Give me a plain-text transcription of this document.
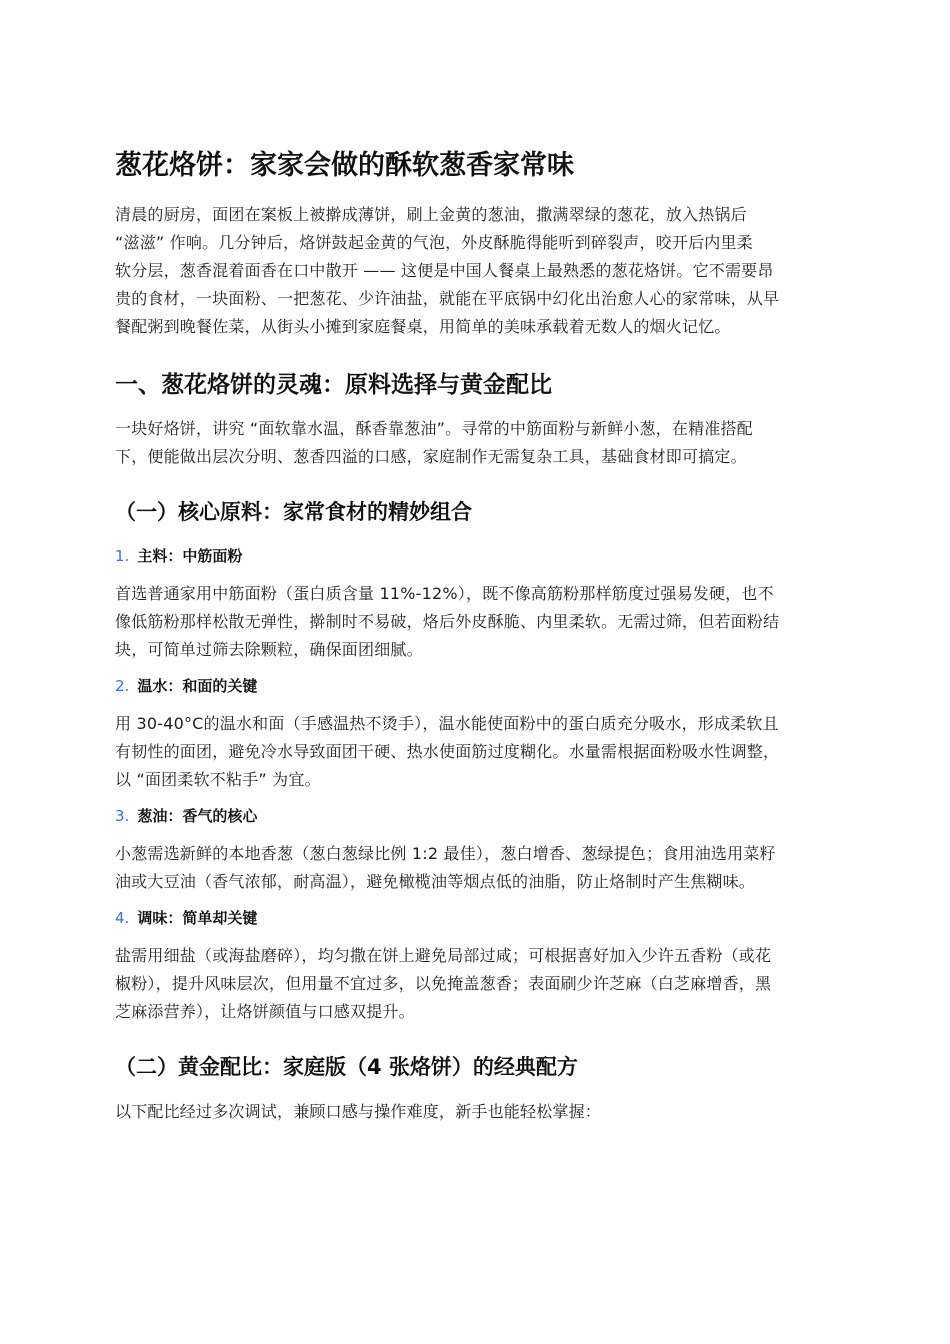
葱花烙饼：家家会做的酥软葱香家常味
清晨的厨房，面团在案板上被擀成薄饼，刷上金黄的葱油，撒满翠绿的葱花，放入热锅后
“滋滋” 作响。几分钟后，烙饼鼓起金黄的气泡，外皮酥脆得能听到碎裂声，咬开后内里柔
软分层，葱香混着面香在口中散开 —— 这便是中国人餐桌上最熟悉的葱花烙饼。它不需要昂
贵的食材，一块面粉、一把葱花、少许油盐，就能在平底锅中幻化出治愈人心的家常味，从早
餐配粥到晚餐佐菜，从街头小摊到家庭餐桌，用简单的美味承载着无数人的烟火记忆。
一、葱花烙饼的灵魂：原料选择与黄金配比
一块好烙饼，讲究 “面软靠水温，酥香靠葱油”。寻常的中筋面粉与新鲜小葱，在精准搭配
下，便能做出层次分明、葱香四溢的口感，家庭制作无需复杂工具，基础食材即可搞定。
（一）核心原料：家常食材的精妙组合
1. 主料：中筋面粉
首选普通家用中筋面粉（蛋白质含量 11%-12%），既不像高筋粉那样筋度过强易发硬，也不
像低筋粉那样松散无弹性，擀制时不易破，烙后外皮酥脆、内里柔软。无需过筛，但若面粉结
块，可简单过筛去除颗粒，确保面团细腻。
2. 温水：和面的关键
用 30-40°C的温水和面（手感温热不烫手），温水能使面粉中的蛋白质充分吸水，形成柔软且
有韧性的面团，避免冷水导致面团干硬、热水使面筋过度糊化。水量需根据面粉吸水性调整，
以 “面团柔软不粘手” 为宜。
3. 葱油：香气的核心
小葱需选新鲜的本地香葱（葱白葱绿比例 1:2 最佳），葱白增香、葱绿提色；食用油选用菜籽
油或大豆油（香气浓郁，耐高温），避免橄榄油等烟点低的油脂，防止烙制时产生焦糊味。
4. 调味：简单却关键
盐需用细盐（或海盐磨碎），均匀撒在饼上避免局部过咸；可根据喜好加入少许五香粉（或花
椒粉），提升风味层次，但用量不宜过多，以免掩盖葱香；表面刷少许芝麻（白芝麻增香，黑
芝麻添营养），让烙饼颜值与口感双提升。
（二）黄金配比：家庭版（4 张烙饼）的经典配方
以下配比经过多次调试，兼顾口感与操作难度，新手也能轻松掌握：
